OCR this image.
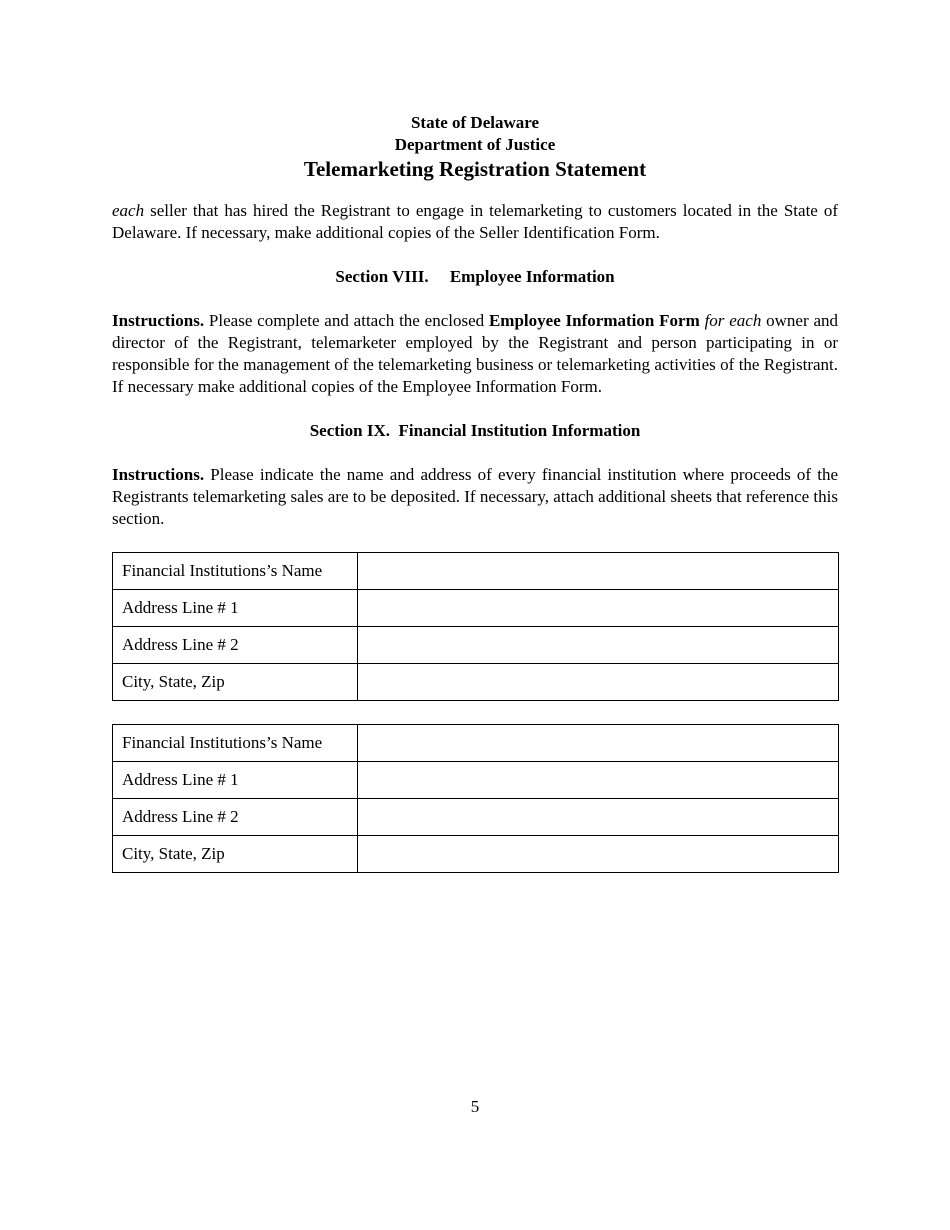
State of Delaware
Department of Justice
Telemarketing Registration Statement

each seller that has hired the Registrant to engage in telemarketing to customers located in the State of Delaware. If necessary, make additional copies of the Seller Identification Form.

Section VIII.     Employee Information

Instructions. Please complete and attach the enclosed Employee Information Form for each owner and director of the Registrant, telemarketer employed by the Registrant and person participating in or responsible for the management of the telemarketing business or telemarketing activities of the Registrant. If necessary make additional copies of the Employee Information Form.

Section IX.  Financial Institution Information

Instructions. Please indicate the name and address of every financial institution where proceeds of the Registrants telemarketing sales are to be deposited. If necessary, attach additional sheets that reference this section.

Financial Institutions’s Name	
Address Line # 1	
Address Line # 2	
City, State, Zip	
Financial Institutions’s Name	
Address Line # 1	
Address Line # 2	
City, State, Zip	
5
